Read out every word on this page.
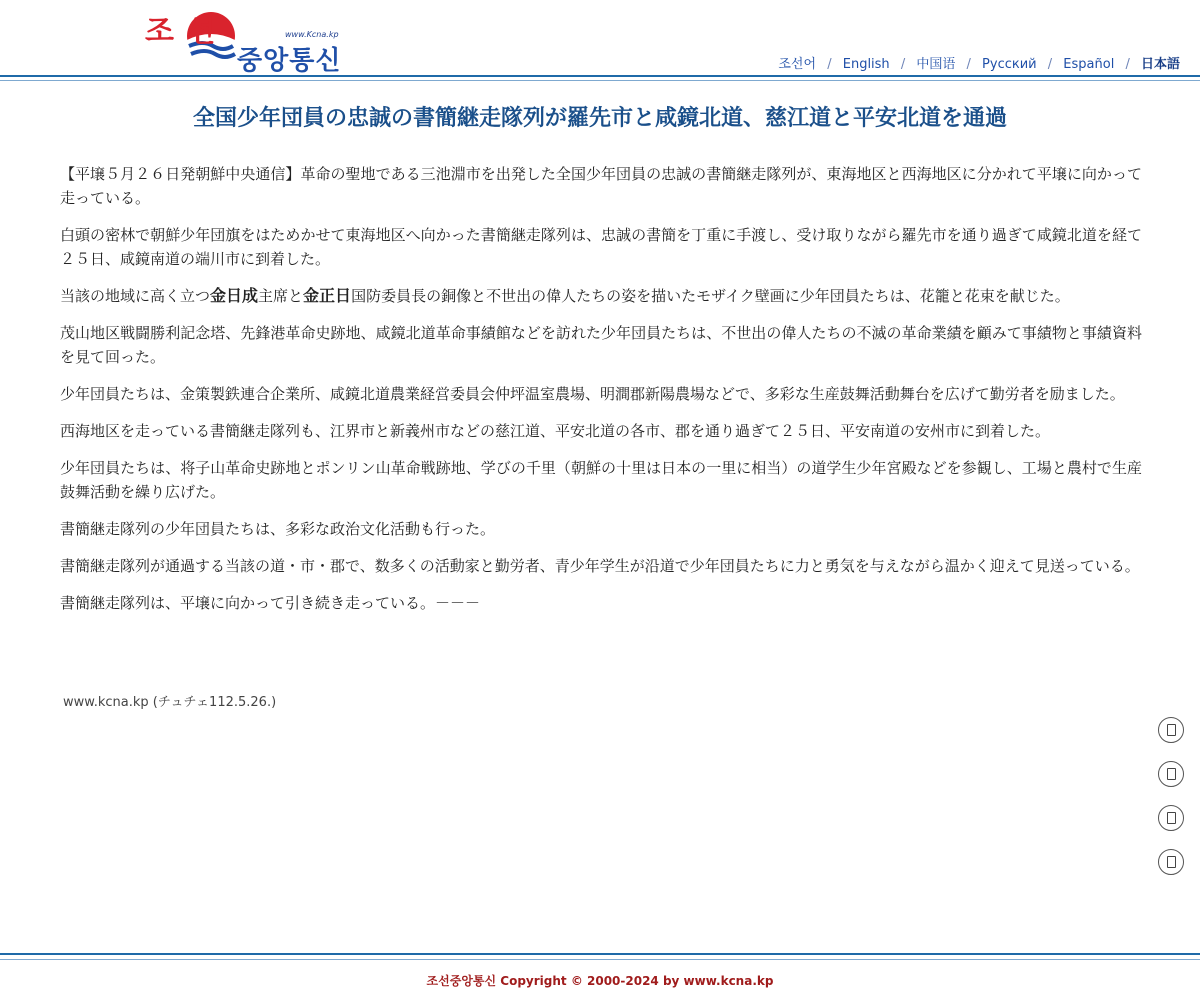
조 선	www.Kcna.kp
중앙통신	조선어 / English / 中国语 / Русский / Español / 日本語
全国少年団員の忠誠の書簡継走隊列が羅先市と咸鏡北道、慈江道と平安北道を通過

【平壌５月２６日発朝鮮中央通信】革命の聖地である三池淵市を出発した全国少年団員の忠誠の書簡継走隊列が、東海地区と西海地区に分かれて平壌に向かって走っている。

白頭の密林で朝鮮少年団旗をはためかせて東海地区へ向かった書簡継走隊列は、忠誠の書簡を丁重に手渡し、受け取りながら羅先市を通り過ぎて咸鏡北道を経て２５日、咸鏡南道の端川市に到着した。

当該の地域に高く立つ金日成主席と金正日国防委員長の銅像と不世出の偉人たちの姿を描いたモザイク壁画に少年団員たちは、花籠と花束を献じた。

茂山地区戦闘勝利記念塔、先鋒港革命史跡地、咸鏡北道革命事績館などを訪れた少年団員たちは、不世出の偉人たちの不滅の革命業績を顧みて事績物と事績資料を見て回った。

少年団員たちは、金策製鉄連合企業所、咸鏡北道農業経営委員会仲坪温室農場、明澗郡新陽農場などで、多彩な生産鼓舞活動舞台を広げて勤労者を励ました。

西海地区を走っている書簡継走隊列も、江界市と新義州市などの慈江道、平安北道の各市、郡を通り過ぎて２５日、平安南道の安州市に到着した。

少年団員たちは、将子山革命史跡地とポンリン山革命戦跡地、学びの千里（朝鮮の十里は日本の一里に相当）の道学生少年宮殿などを参観し、工場と農村で生産鼓舞活動を繰り広げた。

書簡継走隊列の少年団員たちは、多彩な政治文化活動も行った。

書簡継走隊列が通過する当該の道・市・郡で、数多くの活動家と勤労者、青少年学生が沿道で少年団員たちに力と勇気を与えながら温かく迎えて見送っている。

書簡継走隊列は、平壌に向かって引き続き走っている。－－－

www.kcna.kp (チュチェ112.5.26.)
조선중앙통신 Copyright © 2000-2024 by www.kcna.kp
